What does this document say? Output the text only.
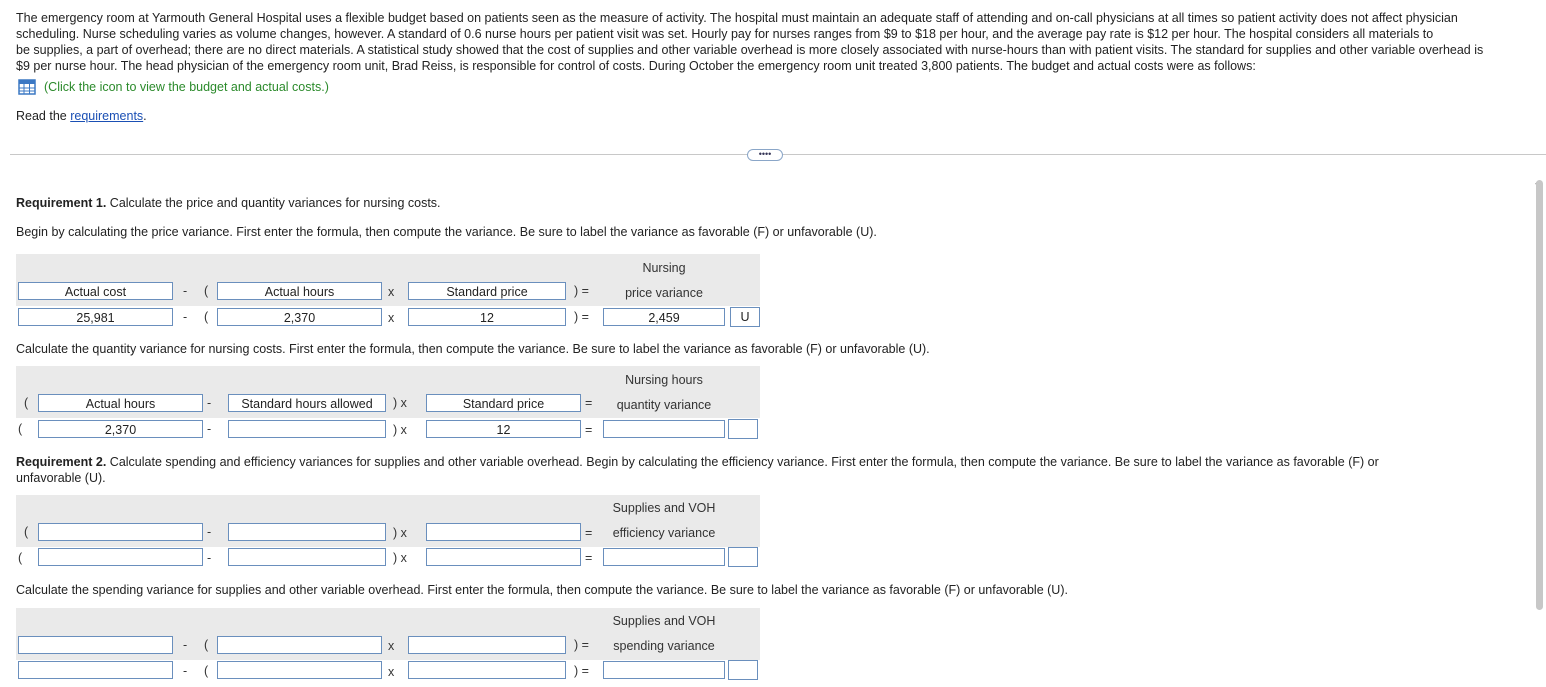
The emergency room at Yarmouth General Hospital uses a flexible budget based on patients seen as the measure of activity. The hospital must maintain an adequate staff of attending and on-call physicians at all times so patient activity does not affect physician

scheduling. Nurse scheduling varies as volume changes, however. A standard of 0.6 nurse hours per patient visit was set. Hourly pay for nurses ranges from $9 to $18 per hour, and the average pay rate is $12 per hour. The hospital considers all materials to

be supplies, a part of overhead; there are no direct materials. A statistical study showed that the cost of supplies and other variable overhead is more closely associated with nurse-hours than with patient visits. The standard for supplies and other variable overhead is

$9 per nurse hour. The head physician of the emergency room unit, Brad Reiss, is responsible for control of costs. During October the emergency room unit treated 3,800 patients. The budget and actual costs were as follows:

(Click the icon to view the budget and actual costs.)
Read the requirements.
••••
Requirement 1. Calculate the price and quantity variances for nursing costs.
Begin by calculating the price variance. First enter the formula, then compute the variance. Be sure to label the variance as favorable (F) or unfavorable (U).
Nursing
price variance
Actual cost	- (	Actual hours	x	Standard price	) =
25,981	- (	2,370	x	12	) =	2,459	U
Calculate the quantity variance for nursing costs. First enter the formula, then compute the variance. Be sure to label the variance as favorable (F) or unfavorable (U).
Nursing hours
quantity variance
(	Actual hours	-	Standard hours allowed	) x	Standard price	=
(	2,370	-	) x	12	=
Requirement 2. Calculate spending and efficiency variances for supplies and other variable overhead. Begin by calculating the efficiency variance. First enter the formula, then compute the variance. Be sure to label the variance as favorable (F) or
unfavorable (U).
Supplies and VOH
efficiency variance
(	-	) x	=
(	-	) x	=
Calculate the spending variance for supplies and other variable overhead. First enter the formula, then compute the variance. Be sure to label the variance as favorable (F) or unfavorable (U).
Supplies and VOH
spending variance
- (	x	) =
- (	x	) =
